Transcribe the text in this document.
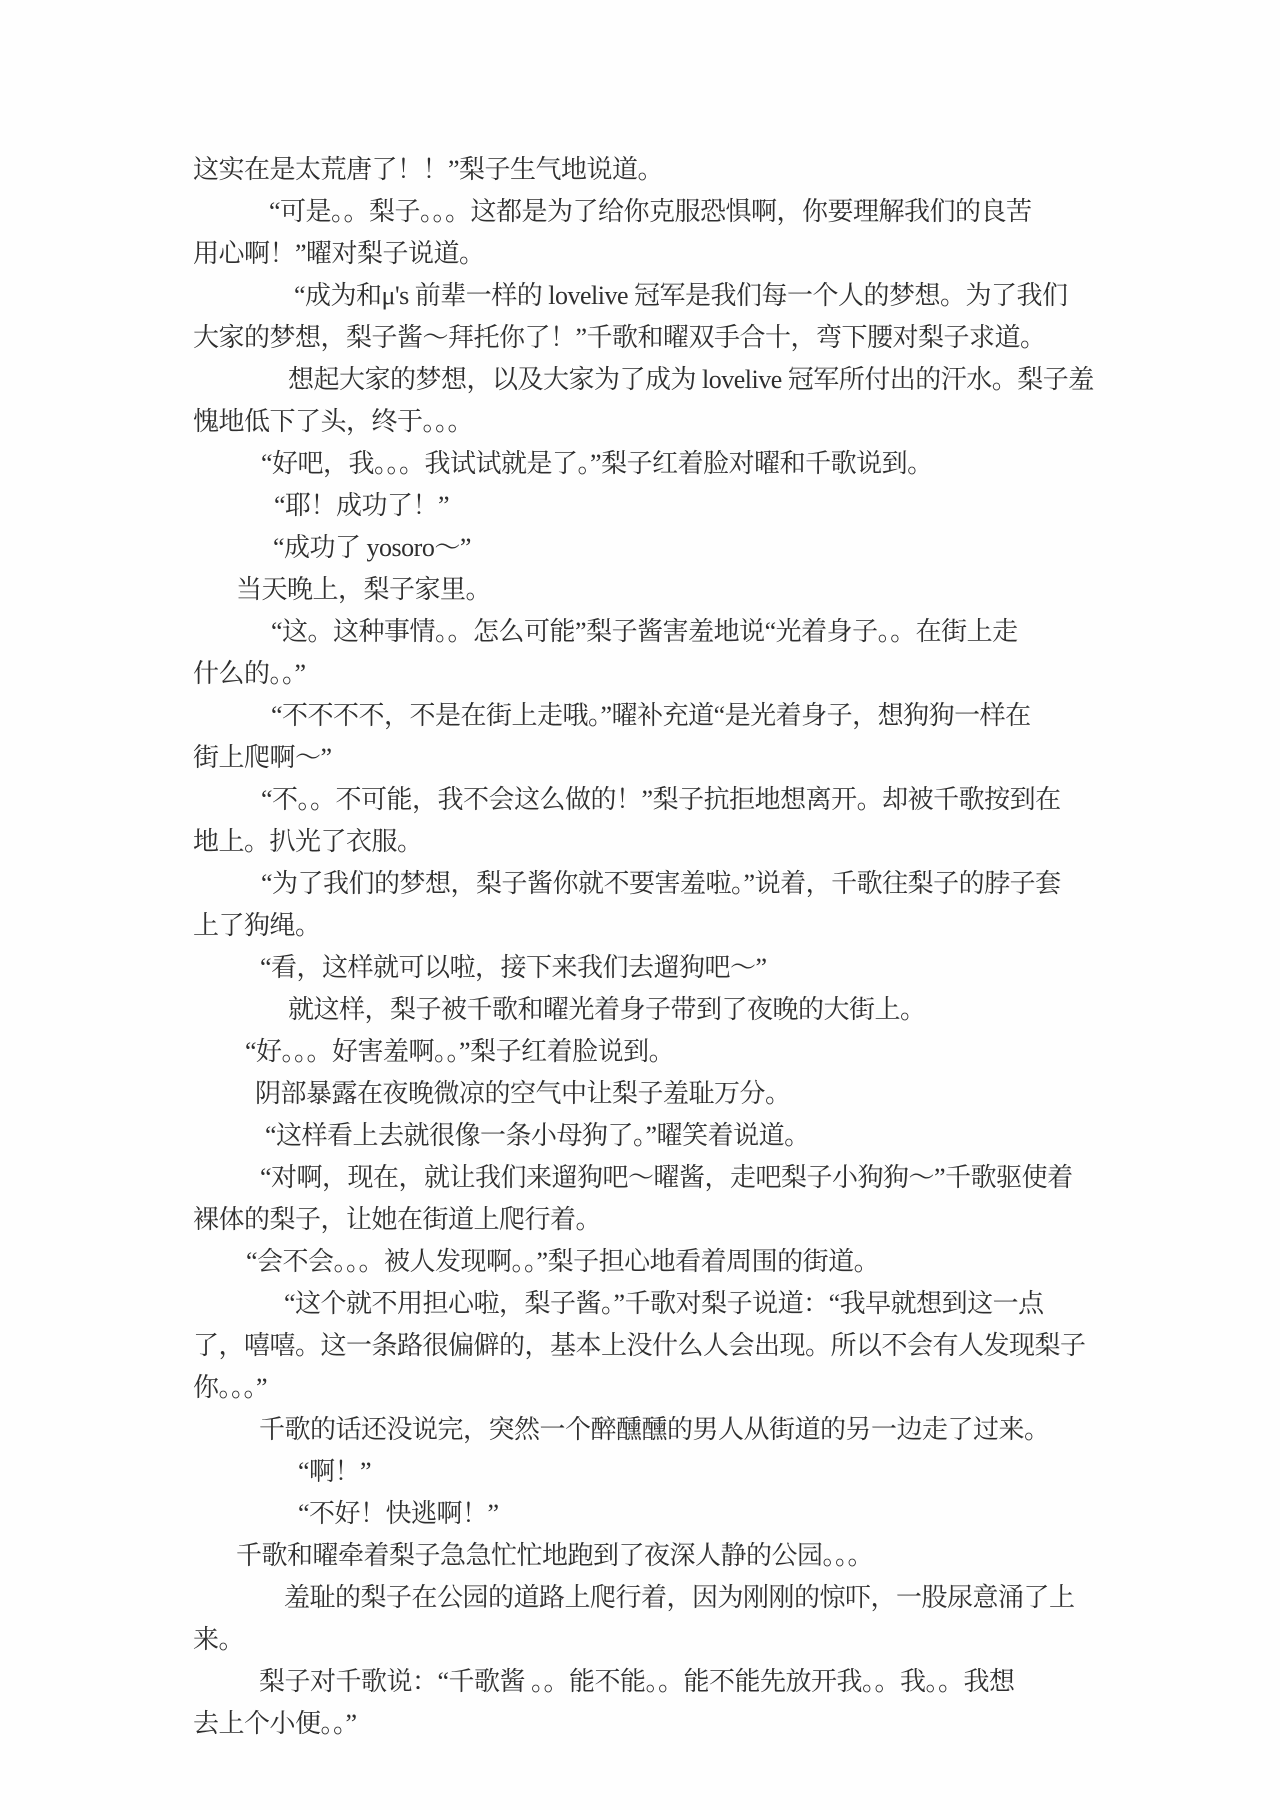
这实在是太荒唐了！！”梨子生气地说道。
“可是。。梨子。。。这都是为了给你克服恐惧啊，你要理解我们的良苦
用心啊！”曜对梨子说道。
“成为和μ's 前辈一样的 lovelive 冠军是我们每一个人的梦想。为了我们
大家的梦想，梨子酱～拜托你了！”千歌和曜双手合十，弯下腰对梨子求道。
想起大家的梦想，以及大家为了成为 lovelive 冠军所付出的汗水。梨子羞
愧地低下了头，终于。。。
“好吧，我。。。我试试就是了。”梨子红着脸对曜和千歌说到。
“耶！成功了！”
“成功了 yosoro～”
当天晚上，梨子家里。
“这。这种事情。。怎么可能”梨子酱害羞地说“光着身子。。在街上走
什么的。。”
“不不不不，不是在街上走哦。”曜补充道“是光着身子，想狗狗一样在
街上爬啊～”
“不。。不可能，我不会这么做的！”梨子抗拒地想离开。却被千歌按到在
地上。扒光了衣服。
“为了我们的梦想，梨子酱你就不要害羞啦。”说着，千歌往梨子的脖子套
上了狗绳。
“看，这样就可以啦，接下来我们去遛狗吧～”
就这样，梨子被千歌和曜光着身子带到了夜晚的大街上。
“好。。。好害羞啊。。”梨子红着脸说到。
阴部暴露在夜晚微凉的空气中让梨子羞耻万分。
“这样看上去就很像一条小母狗了。”曜笑着说道。
“对啊，现在，就让我们来遛狗吧～曜酱，走吧梨子小狗狗～”千歌驱使着
裸体的梨子，让她在街道上爬行着。
“会不会。。。被人发现啊。。”梨子担心地看着周围的街道。
“这个就不用担心啦，梨子酱。”千歌对梨子说道：“我早就想到这一点
了，嘻嘻。这一条路很偏僻的，基本上没什么人会出现。所以不会有人发现梨子
你。。。”
千歌的话还没说完，突然一个醉醺醺的男人从街道的另一边走了过来。
“啊！”
“不好！快逃啊！”
千歌和曜牵着梨子急急忙忙地跑到了夜深人静的公园。。。
羞耻的梨子在公园的道路上爬行着，因为刚刚的惊吓，一股尿意涌了上
来。
梨子对千歌说：“千歌酱 。。能不能。。能不能先放开我。。我。。我想
去上个小便。。”
